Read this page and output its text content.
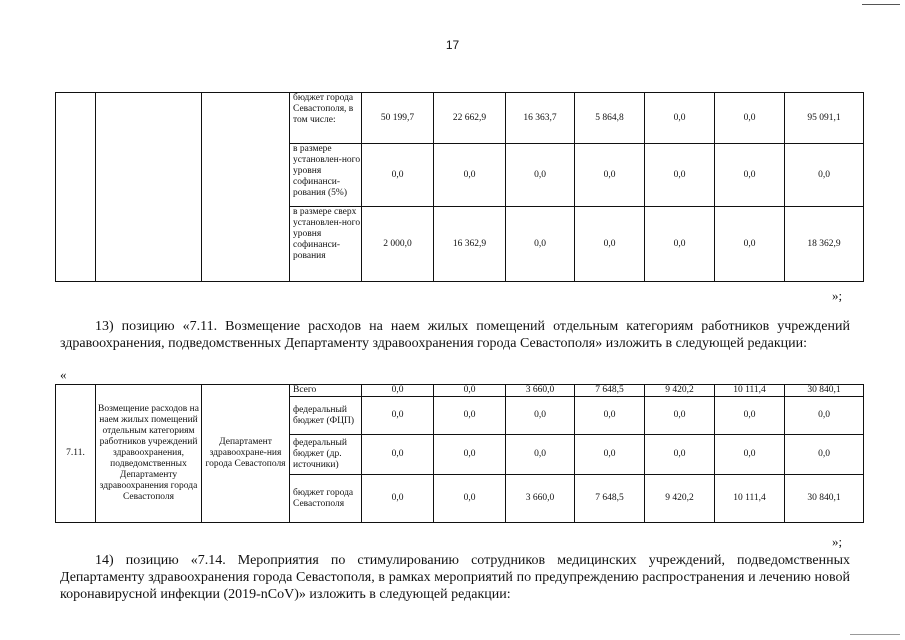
17
			бюджет города Севастополя, в том числе:	50 199,7	22 662,9	16 363,7	5 864,8	0,0	0,0	95 091,1
			в размере установлен-ного уровня софинанси-рования (5%)	0,0	0,0	0,0	0,0	0,0	0,0	0,0
			в размере сверх установлен-ного уровня софинанси-рования	2 000,0	16 362,9	0,0	0,0	0,0	0,0	18 362,9
»;
13) позицию «7.11. Возмещение расходов на наем жилых помещений отдельным категориям работников учреждений здравоохранения, подведомственных Департаменту здравоохранения города Севастополя» изложить в следующей редакции:
«
7.11.	Возмещение расходов на наем жилых помещений отдельным категориям работников учреждений здравоохранения, подведомственных Департаменту здравоохранения города Севастополя	Департамент здравоохране-ния города Севастополя	Всего	0,0	0,0	3 660,0	7 648,5	9 420,2	10 111,4	30 840,1
			федеральный бюджет (ФЦП)	0,0	0,0	0,0	0,0	0,0	0,0	0,0
			федеральный бюджет (др. источники)	0,0	0,0	0,0	0,0	0,0	0,0	0,0
			бюджет города Севастополя	0,0	0,0	3 660,0	7 648,5	9 420,2	10 111,4	30 840,1
»;
14) позицию «7.14. Мероприятия по стимулированию сотрудников медицинских учреждений, подведомственных Департаменту здравоохранения города Севастополя, в рамках мероприятий по предупреждению распространения и лечению новой коронавирусной инфекции (2019-nCoV)» изложить в следующей редакции:
